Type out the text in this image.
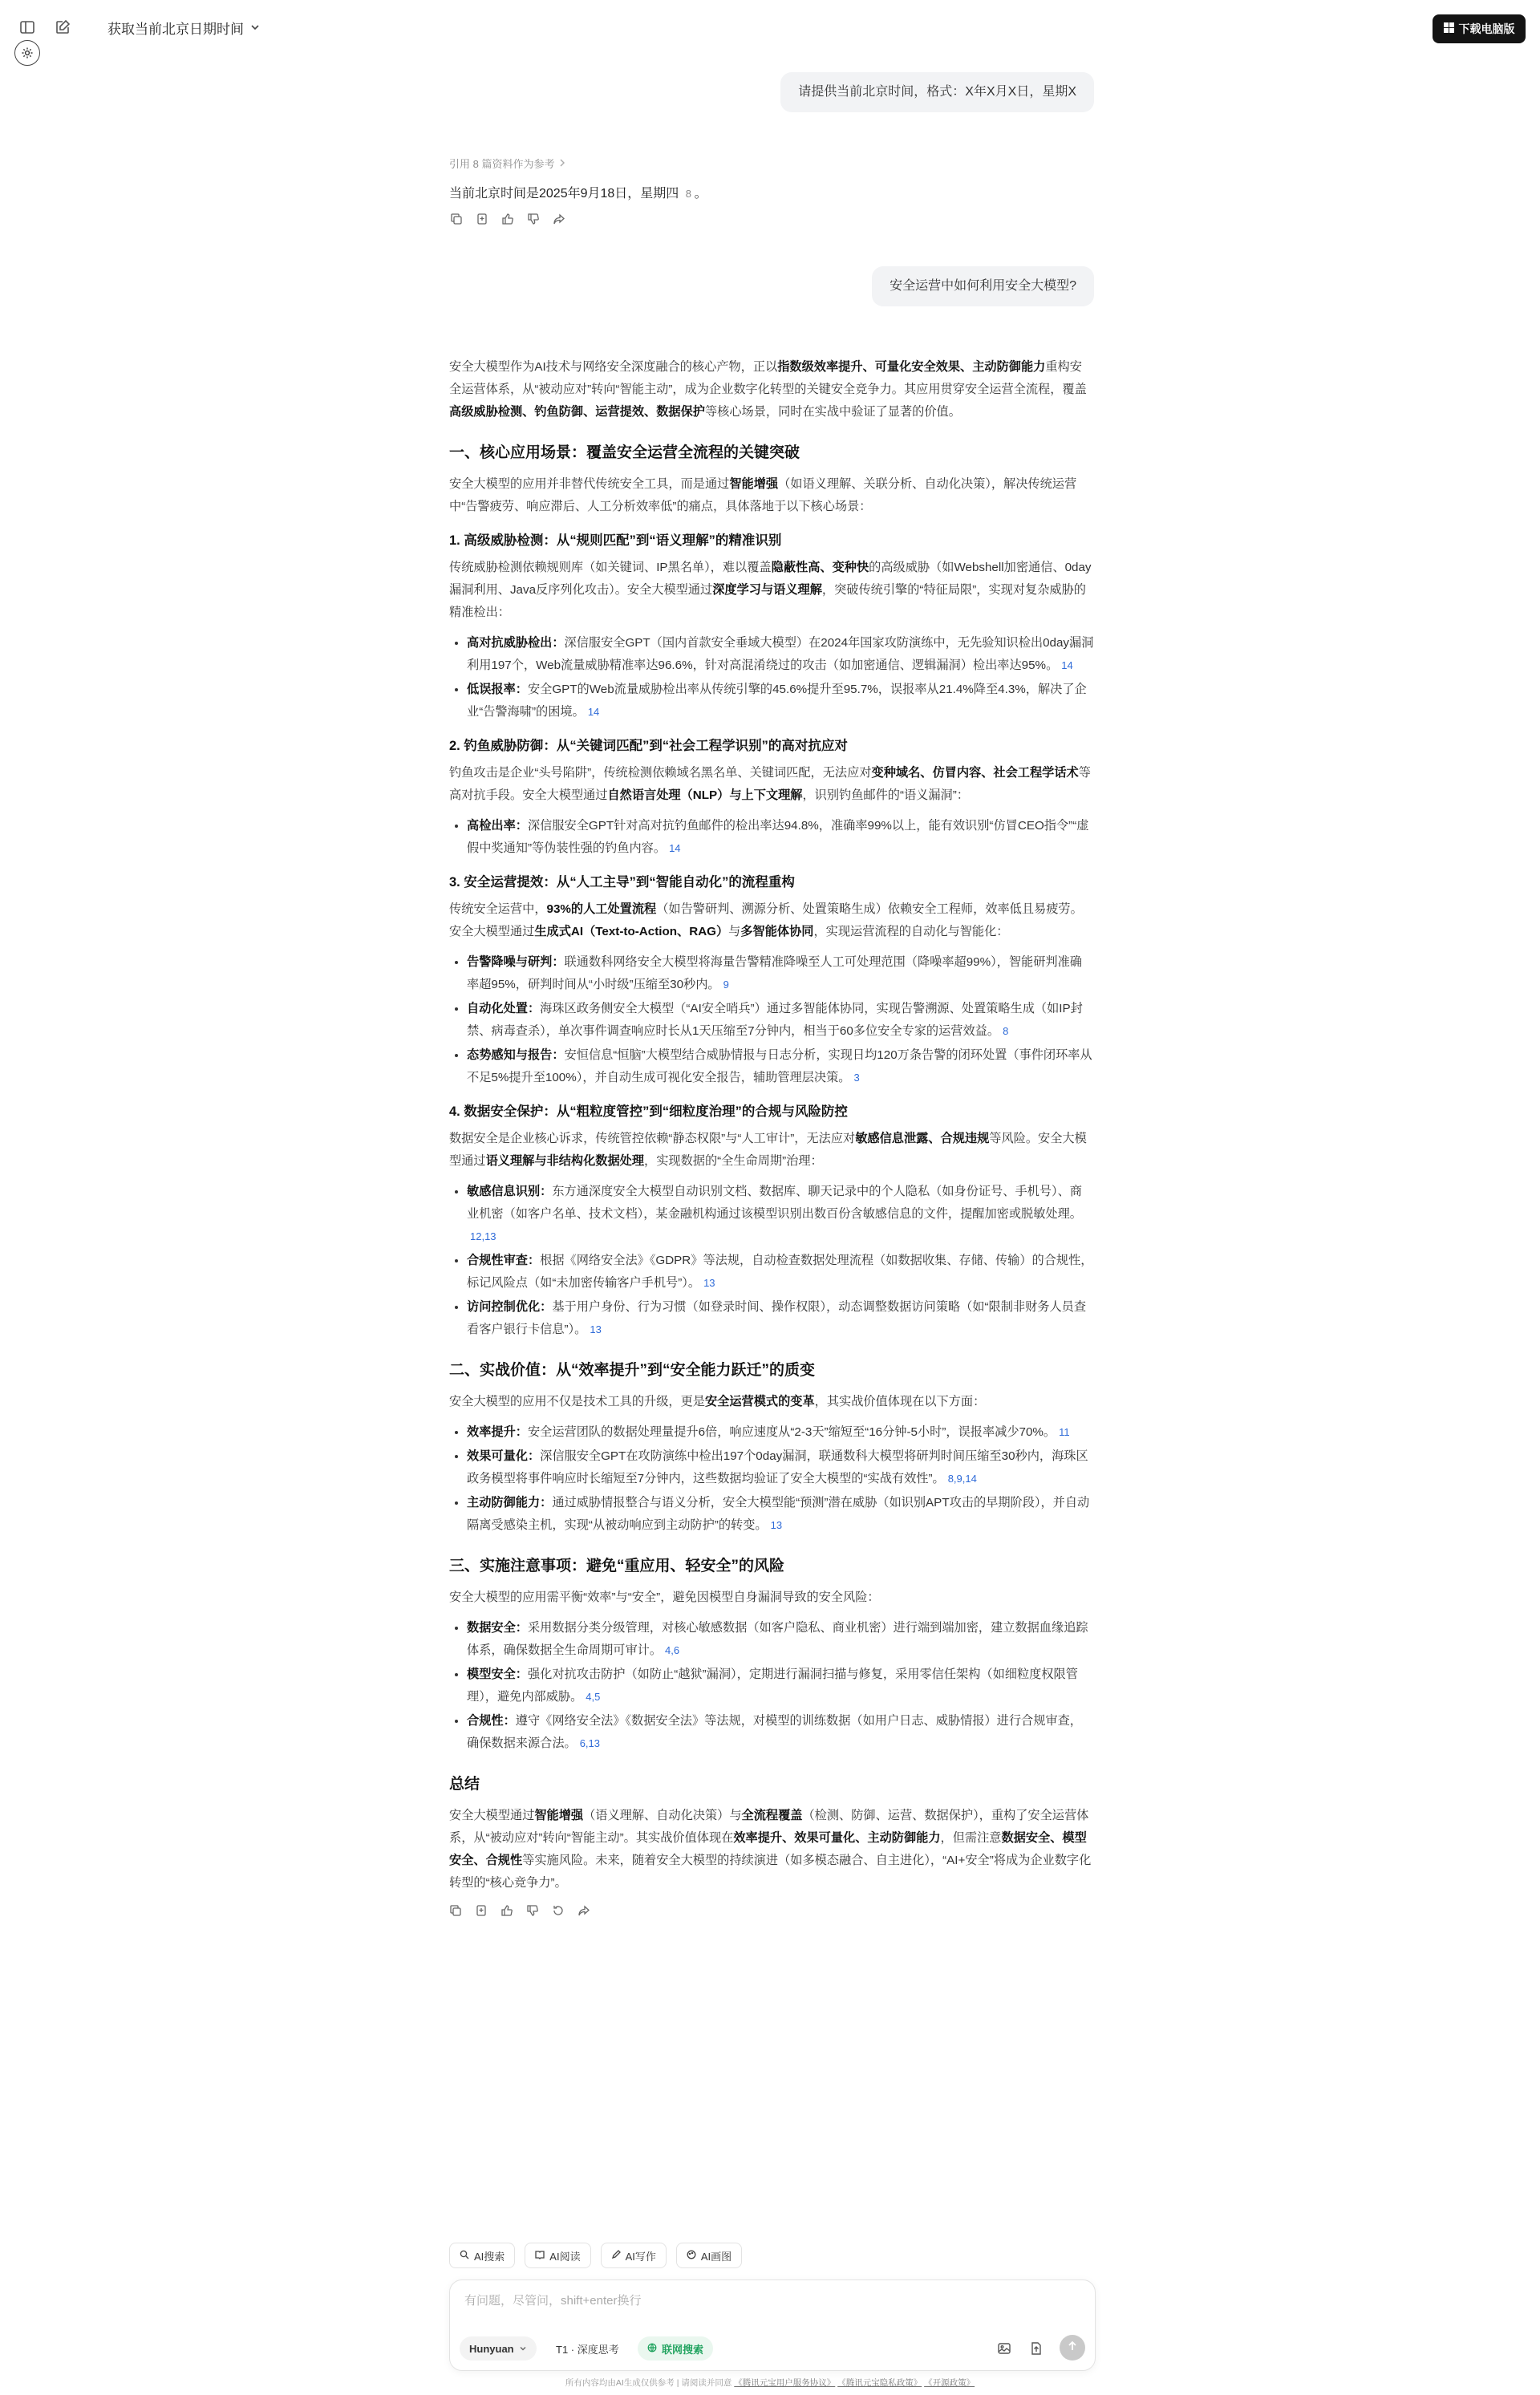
获取当前北京日期时间	下载电脑版
请提供当前北京时间，格式：X年X月X日，星期X
引用 8 篇资料作为参考
当前北京时间是2025年9月18日，星期四 8 。
安全运营中如何利用安全大模型?

安全大模型作为AI技术与网络安全深度融合的核心产物，正以指数级效率提升、可量化安全效果、主动防御能力重构安全运营体系，从“被动应对”转向“智能主动”，成为企业数字化转型的关键安全竞争力。其应用贯穿安全运营全流程，覆盖高级威胁检测、钓鱼防御、运营提效、数据保护等核心场景，同时在实战中验证了显著的价值。

一、核心应用场景：覆盖安全运营全流程的关键突破

安全大模型的应用并非替代传统安全工具，而是通过智能增强（如语义理解、关联分析、自动化决策），解决传统运营中“告警疲劳、响应滞后、人工分析效率低”的痛点，具体落地于以下核心场景：

1. 高级威胁检测：从“规则匹配”到“语义理解”的精准识别

传统威胁检测依赖规则库（如关键词、IP黑名单），难以覆盖隐蔽性高、变种快的高级威胁（如Webshell加密通信、0day漏洞利用、Java反序列化攻击）。安全大模型通过深度学习与语义理解，突破传统引擎的“特征局限”，实现对复杂威胁的精准检出：

• 高对抗威胁检出：深信服安全GPT（国内首款安全垂域大模型）在2024年国家攻防演练中，无先验知识检出0day漏洞利用197个，Web流量威胁精准率达96.6%，针对高混淆绕过的攻击（如加密通信、逻辑漏洞）检出率达95%。 14
• 低误报率：安全GPT的Web流量威胁检出率从传统引擎的45.6%提升至95.7%，误报率从21.4%降至4.3%，解决了企业“告警海啸”的困境。 14
2. 钓鱼威胁防御：从“关键词匹配”到“社会工程学识别”的高对抗应对

钓鱼攻击是企业“头号陷阱”，传统检测依赖域名黑名单、关键词匹配，无法应对变种域名、仿冒内容、社会工程学话术等高对抗手段。安全大模型通过自然语言处理（NLP）与上下文理解，识别钓鱼邮件的“语义漏洞”：

• 高检出率：深信服安全GPT针对高对抗钓鱼邮件的检出率达94.8%，准确率99%以上，能有效识别“仿冒CEO指令”“虚假中奖通知”等伪装性强的钓鱼内容。 14
3. 安全运营提效：从“人工主导”到“智能自动化”的流程重构

传统安全运营中，93%的人工处置流程（如告警研判、溯源分析、处置策略生成）依赖安全工程师，效率低且易疲劳。安全大模型通过生成式AI（Text-to-Action、RAG）与多智能体协同，实现运营流程的自动化与智能化：

• 告警降噪与研判：联通数科网络安全大模型将海量告警精准降噪至人工可处理范围（降噪率超99%），智能研判准确率超95%，研判时间从“小时级”压缩至30秒内。 9
• 自动化处置：海珠区政务侧安全大模型（“AI安全哨兵”）通过多智能体协同，实现告警溯源、处置策略生成（如IP封禁、病毒查杀），单次事件调查响应时长从1天压缩至7分钟内，相当于60多位安全专家的运营效益。 8
• 态势感知与报告：安恒信息“恒脑”大模型结合威胁情报与日志分析，实现日均120万条告警的闭环处置（事件闭环率从不足5%提升至100%），并自动生成可视化安全报告，辅助管理层决策。 3
4. 数据安全保护：从“粗粒度管控”到“细粒度治理”的合规与风险防控

数据安全是企业核心诉求，传统管控依赖“静态权限”与“人工审计”，无法应对敏感信息泄露、合规违规等风险。安全大模型通过语义理解与非结构化数据处理，实现数据的“全生命周期”治理：

• 敏感信息识别：东方通深度安全大模型自动识别文档、数据库、聊天记录中的个人隐私（如身份证号、手机号）、商业机密（如客户名单、技术文档），某金融机构通过该模型识别出数百份含敏感信息的文件，提醒加密或脱敏处理。12,13
• 合规性审查：根据《网络安全法》《GDPR》等法规，自动检查数据处理流程（如数据收集、存储、传输）的合规性，标记风险点（如“未加密传输客户手机号”）。 13
• 访问控制优化：基于用户身份、行为习惯（如登录时间、操作权限），动态调整数据访问策略（如“限制非财务人员查看客户银行卡信息”）。 13
二、实战价值：从“效率提升”到“安全能力跃迁”的质变

安全大模型的应用不仅是技术工具的升级，更是安全运营模式的变革，其实战价值体现在以下方面：

• 效率提升：安全运营团队的数据处理量提升6倍，响应速度从“2-3天”缩短至“16分钟-5小时”，误报率减少70%。 11
• 效果可量化：深信服安全GPT在攻防演练中检出197个0day漏洞，联通数科大模型将研判时间压缩至30秒内，海珠区政务模型将事件响应时长缩短至7分钟内，这些数据均验证了安全大模型的“实战有效性”。 8,9,14
• 主动防御能力：通过威胁情报整合与语义分析，安全大模型能“预测”潜在威胁（如识别APT攻击的早期阶段），并自动隔离受感染主机，实现“从被动响应到主动防护”的转变。 13
三、实施注意事项：避免“重应用、轻安全”的风险

安全大模型的应用需平衡“效率”与“安全”，避免因模型自身漏洞导致的安全风险：

• 数据安全：采用数据分类分级管理，对核心敏感数据（如客户隐私、商业机密）进行端到端加密，建立数据血缘追踪体系，确保数据全生命周期可审计。 4,6
• 模型安全：强化对抗攻击防护（如防止“越狱”漏洞），定期进行漏洞扫描与修复，采用零信任架构（如细粒度权限管理），避免内部威胁。 4,5
• 合规性：遵守《网络安全法》《数据安全法》等法规，对模型的训练数据（如用户日志、威胁情报）进行合规审查，确保数据来源合法。 6,13
总结

安全大模型通过智能增强（语义理解、自动化决策）与全流程覆盖（检测、防御、运营、数据保护），重构了安全运营体系，从“被动应对”转向“智能主动”。其实战价值体现在效率提升、效果可量化、主动防御能力，但需注意数据安全、模型安全、合规性等实施风险。未来，随着安全大模型的持续演进（如多模态融合、自主进化），“AI+安全”将成为企业数字化转型的“核心竞争力”。

AI搜索	AI阅读	AI写作	AI画图
有问题，尽管问，shift+enter换行
Hunyuan	T1 · 深度思考	联网搜索
所有内容均由AI生成仅供参考 | 请阅读并同意 《腾讯元宝用户服务协议》 《腾讯元宝隐私政策》 《开源政策》
